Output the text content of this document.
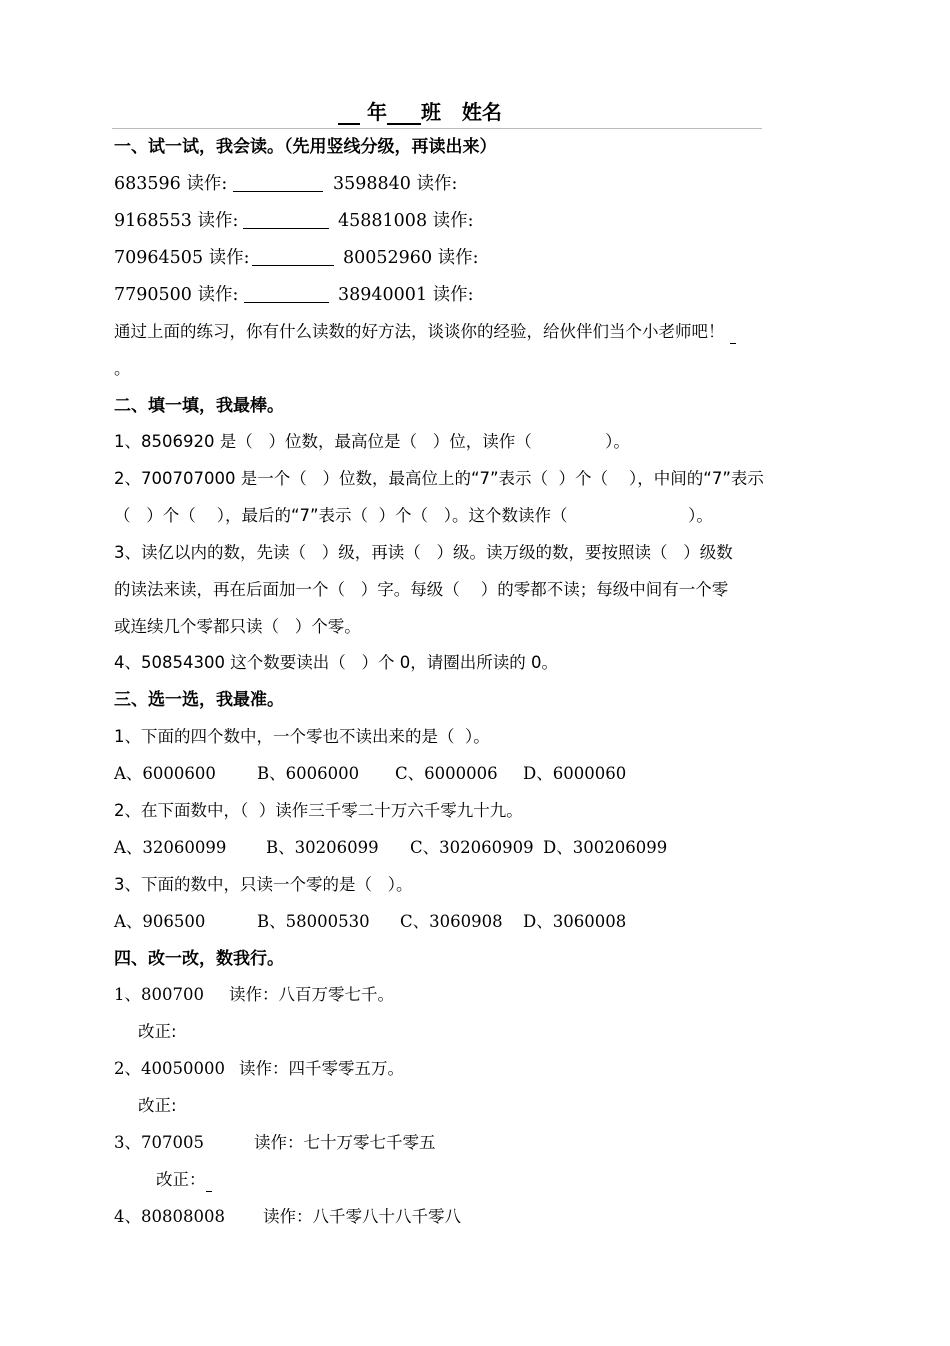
年 班 姓名
一、试一试，我会读。（先用竖线分级，再读出来）
683596 读作:	3598840 读作:
9168553 读作:	45881008 读作:
70964505 读作:	80052960 读作:
7790500 读作:	38940001 读作:
通过上面的练习，你有什么读数的好方法，谈谈你的经验，给伙伴们当个小老师吧！
。
二、填一填，我最棒。
1、8506920 是（   ）位数，最高位是（   ）位，读作（              ）。
2、700707000 是一个（   ）位数，最高位上的“7”表示（  ）个（    ），中间的“7”表示
（   ）个（    ），最后的“7”表示（  ）个（   ）。这个数读作（                       ）。
3、读亿以内的数，先读（   ）级，再读（   ）级。读万级的数，要按照读（   ）级数
的读法来读，再在后面加一个（   ）字。每级（    ）的零都不读；每级中间有一个零
或连续几个零都只读（   ）个零。
4、50854300 这个数要读出（   ）个 0，请圈出所读的 0。
三、选一选，我最准。
1、下面的四个数中，一个零也不读出来的是（  ）。
A、6000600 B、6006000 C、6000006 D、6000060
2、在下面数中，（  ）读作三千零二十万六千零九十九。
A、32060099 B、30206099 C、302060909 D、300206099
3、下面的数中，只读一个零的是（   ）。
A、906500	B、58000530 C、3060908 D、3060008
四、改一改，数我行。
1、800700 读作：八百万零七千。
改正:
2、40050000 读作：四千零零五万。
改正:
3、707005	读作：七十万零七千零五
改正：
4、80808008 读作：八千零八十八千零八
